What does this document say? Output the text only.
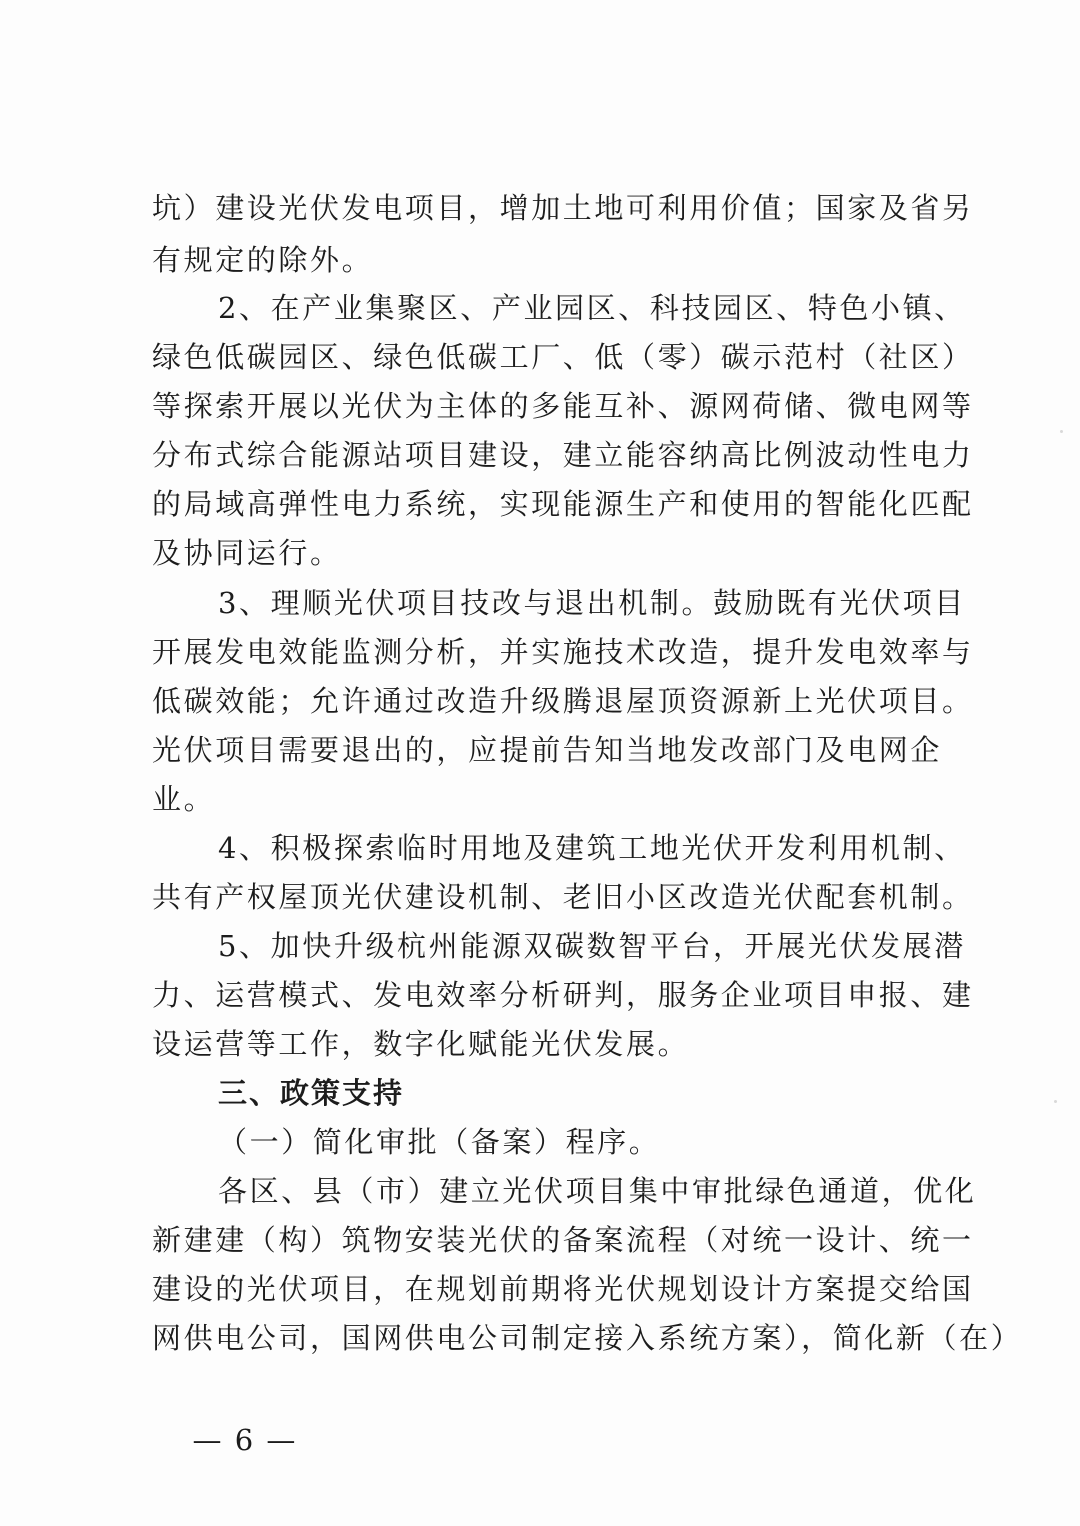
坑）建设光伏发电项目，增加土地可利用价值；国家及省另
有规定的除外。
2、在产业集聚区、产业园区、科技园区、特色小镇、
绿色低碳园区、绿色低碳工厂、低（零）碳示范村（社区）
等探索开展以光伏为主体的多能互补、源网荷储、微电网等
分布式综合能源站项目建设，建立能容纳高比例波动性电力
的局域高弹性电力系统，实现能源生产和使用的智能化匹配
及协同运行。
3、理顺光伏项目技改与退出机制。鼓励既有光伏项目
开展发电效能监测分析，并实施技术改造，提升发电效率与
低碳效能；允许通过改造升级腾退屋顶资源新上光伏项目。
光伏项目需要退出的，应提前告知当地发改部门及电网企
业。
4、积极探索临时用地及建筑工地光伏开发利用机制、
共有产权屋顶光伏建设机制、老旧小区改造光伏配套机制。
5、加快升级杭州能源双碳数智平台，开展光伏发展潜
力、运营模式、发电效率分析研判，服务企业项目申报、建
设运营等工作，数字化赋能光伏发展。
三、政策支持
（一）简化审批（备案）程序。
各区、县（市）建立光伏项目集中审批绿色通道，优化
新建建（构）筑物安装光伏的备案流程（对统一设计、统一
建设的光伏项目，在规划前期将光伏规划设计方案提交给国
网供电公司，国网供电公司制定接入系统方案），简化新（在）
— 6 —
